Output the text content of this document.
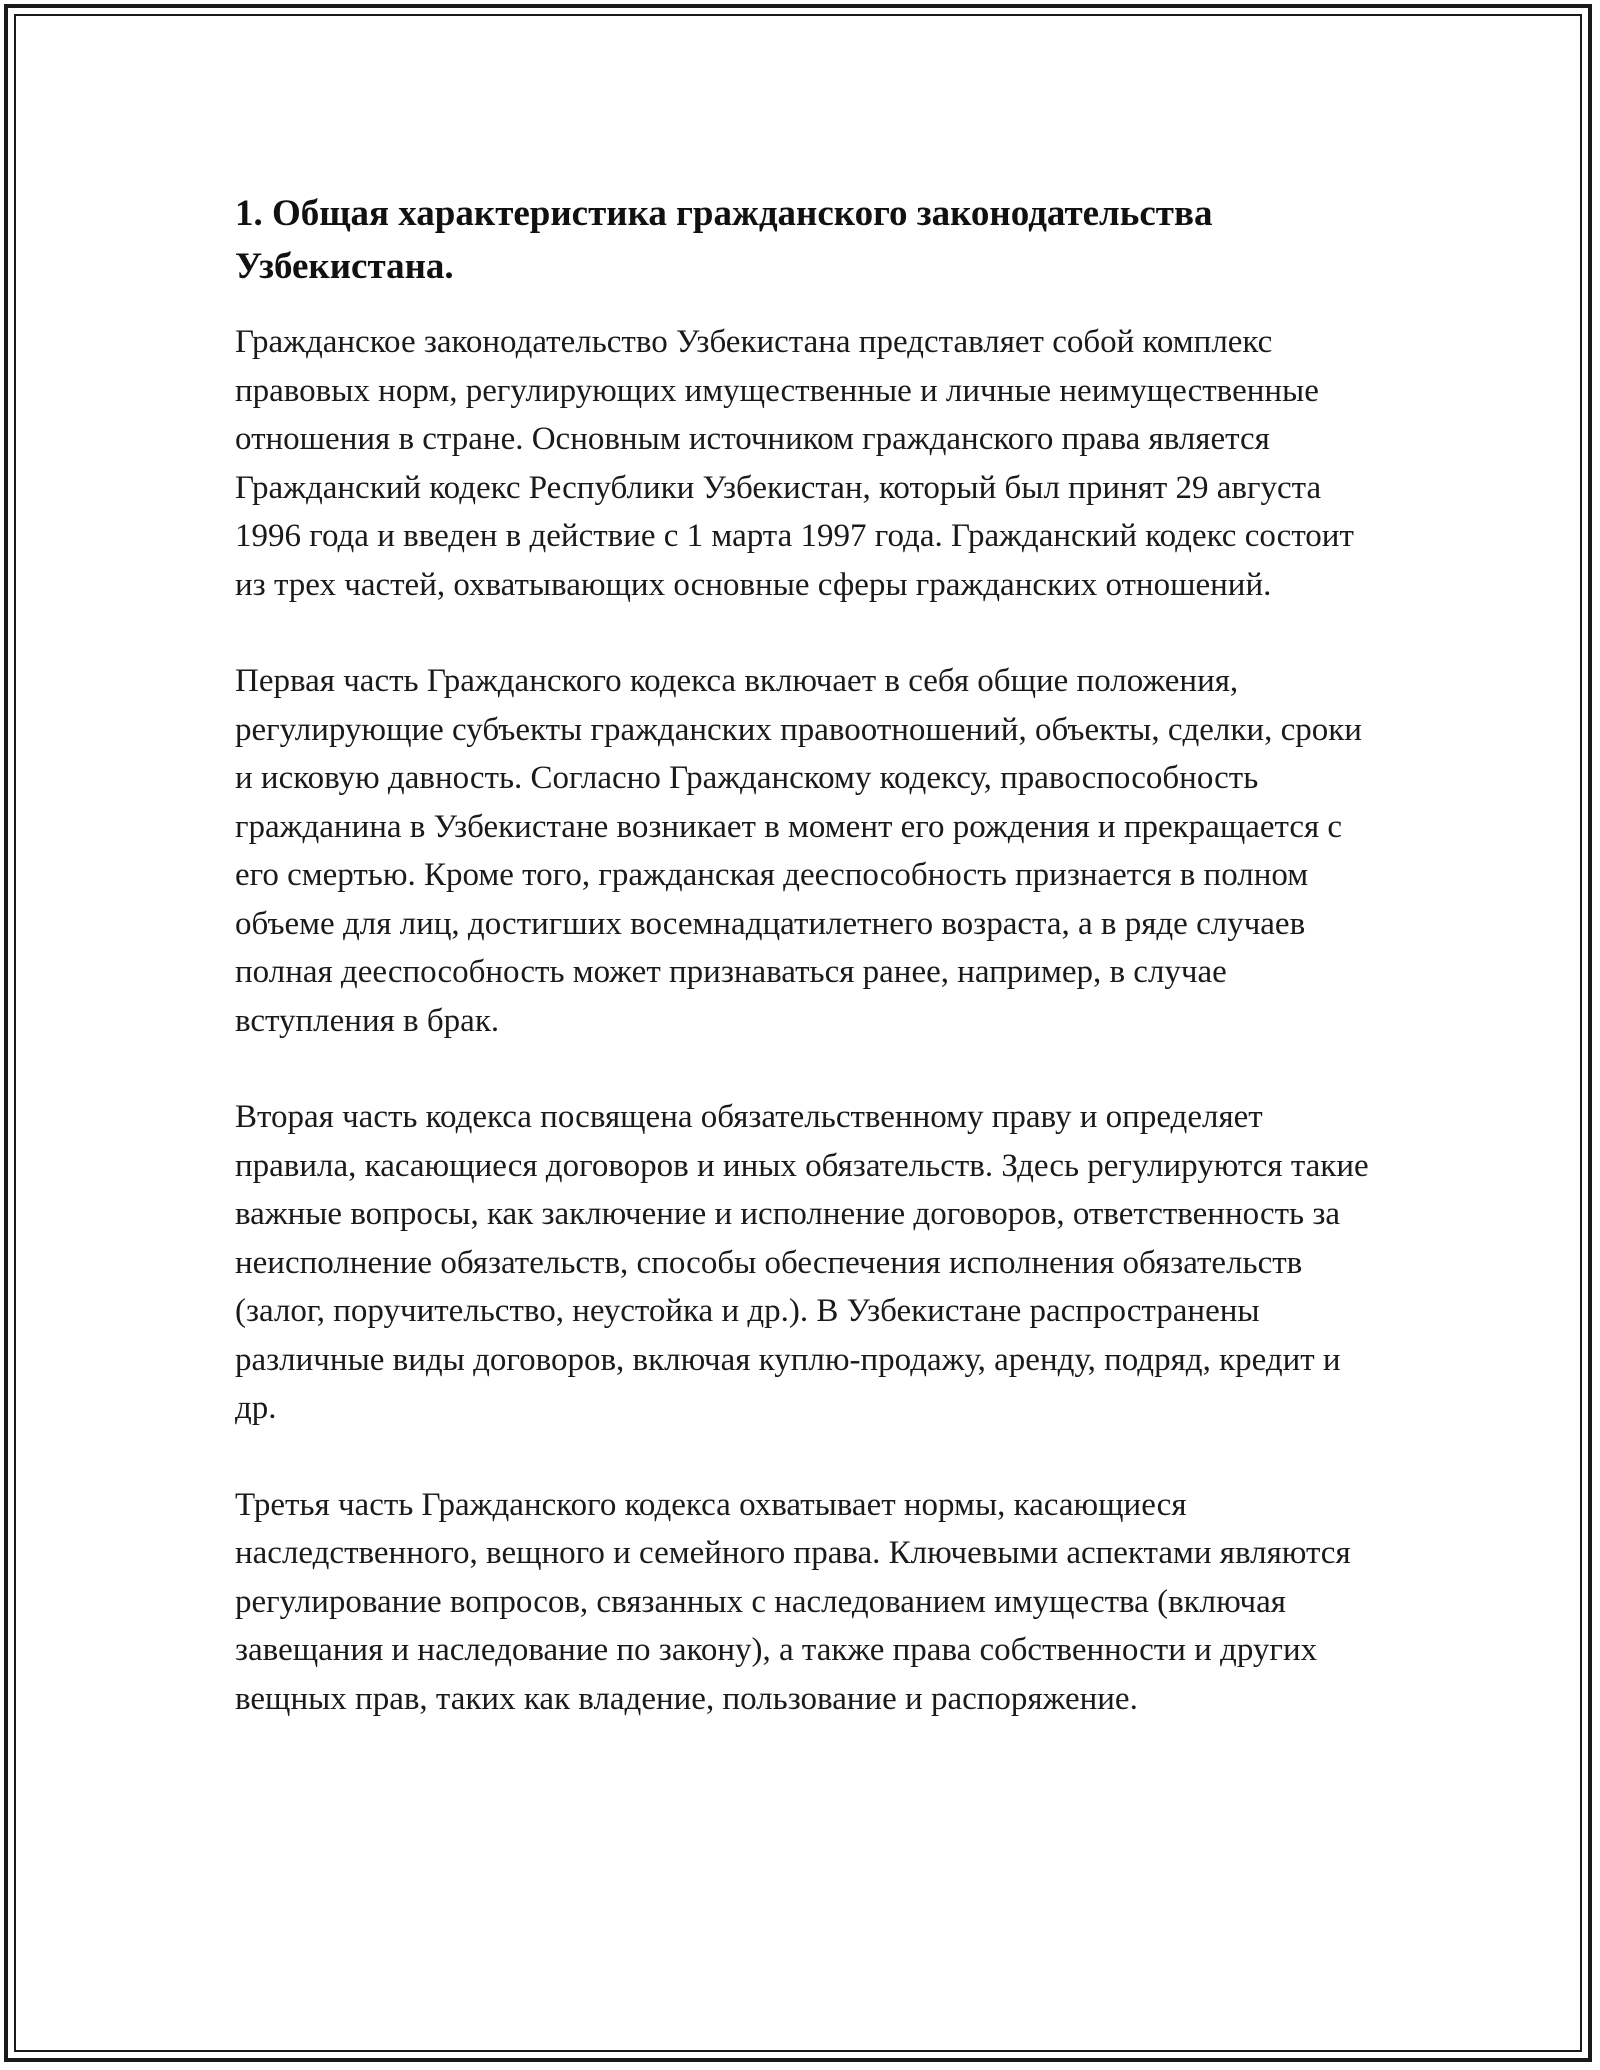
1. Общая характеристика гражданского законодательства Узбекистана.

Гражданское законодательство Узбекистана представляет собой комплекс правовых норм, регулирующих имущественные и личные неимущественные отношения в стране. Основным источником гражданского права является Гражданский кодекс Республики Узбекистан, который был принят 29 августа 1996 года и введен в действие с 1 марта 1997 года. Гражданский кодекс состоит из трех частей, охватывающих основные сферы гражданских отношений.

Первая часть Гражданского кодекса включает в себя общие положения, регулирующие субъекты гражданских правоотношений, объекты, сделки, сроки и исковую давность. Согласно Гражданскому кодексу, правоспособность гражданина в Узбекистане возникает в момент его рождения и прекращается с его смертью. Кроме того, гражданская дееспособность признается в полном объеме для лиц, достигших восемнадцатилетнего возраста, а в ряде случаев полная дееспособность может признаваться ранее, например, в случае вступления в брак.

Вторая часть кодекса посвящена обязательственному праву и определяет правила, касающиеся договоров и иных обязательств. Здесь регулируются такие важные вопросы, как заключение и исполнение договоров, ответственность за неисполнение обязательств, способы обеспечения исполнения обязательств (залог, поручительство, неустойка и др.). В Узбекистане распространены различные виды договоров, включая куплю-продажу, аренду, подряд, кредит и др.

Третья часть Гражданского кодекса охватывает нормы, касающиеся наследственного, вещного и семейного права. Ключевыми аспектами являются регулирование вопросов, связанных с наследованием имущества (включая завещания и наследование по закону), а также права собственности и других вещных прав, таких как владение, пользование и распоряжение.
